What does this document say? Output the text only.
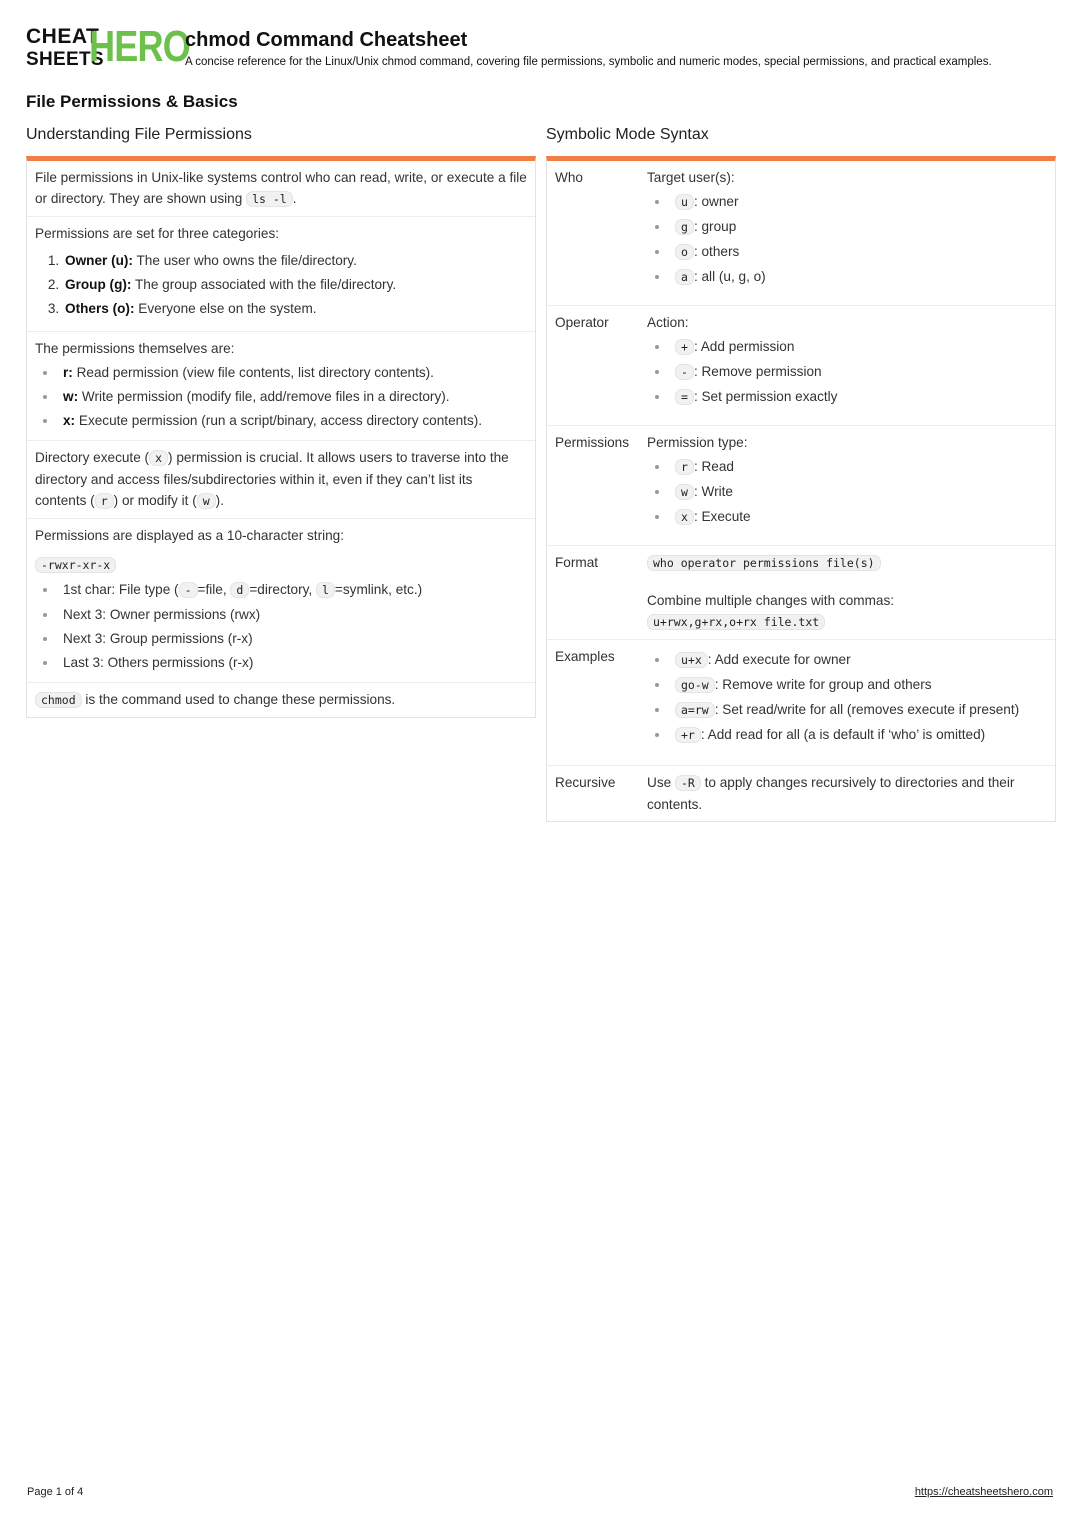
CHEAT
SHEETS
HERO
chmod Command Cheatsheet
A concise reference for the Linux/Unix chmod command, covering file permissions, symbolic and numeric modes, special permissions, and practical examples.
File Permissions & Basics
Understanding File Permissions
File permissions in Unix-like systems control who can read, write, or execute a file or directory. They are shown using ls -l .
Permissions are set for three categories:
1. Owner (u): The user who owns the file/directory.
2. Group (g): The group associated with the file/directory.
3. Others (o): Everyone else on the system.
The permissions themselves are:
r: Read permission (view file contents, list directory contents).
w: Write permission (modify file, add/remove files in a directory).
x: Execute permission (run a script/binary, access directory contents).
Directory execute ( x ) permission is crucial. It allows users to traverse into the directory and access files/subdirectories within it, even if they can’t list its contents ( r ) or modify it ( w ).
Permissions are displayed as a 10-character string:
-rwxr-xr-x
1st char: File type ( - =file, d =directory, l =symlink, etc.)
Next 3: Owner permissions (rwx)
Next 3: Group permissions (r-x)
Last 3: Others permissions (r-x)
chmod is the command used to change these permissions.
Symbolic Mode Syntax
Who	Target user(s):
u : owner
g : group
o : others
a : all (u, g, o)
Operator	Action:
+ : Add permission
- : Remove permission
= : Set permission exactly
Permissions	Permission type:
r : Read
w : Write
x : Execute
Format	who operator permissions file(s)
Combine multiple changes with commas:
u+rwx,g+rx,o+rx file.txt
Examples	u+x : Add execute for owner
go-w : Remove write for group and others
a=rw : Set read/write for all (removes execute if present)
+r : Add read for all (a is default if ‘who’ is omitted)
Recursive	Use -R to apply changes recursively to directories and their contents.
Page 1 of 4	https://cheatsheetshero.com
